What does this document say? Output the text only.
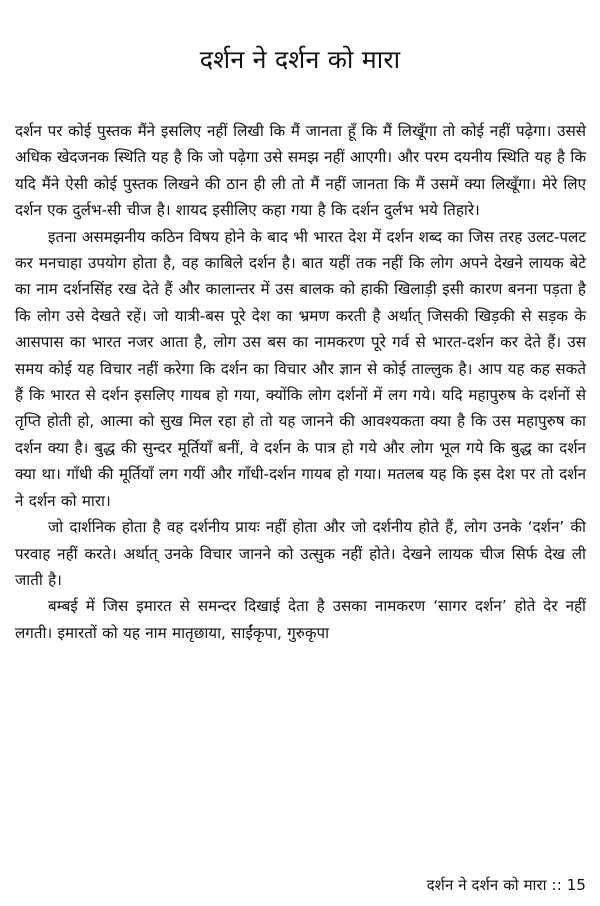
दर्शन ने दर्शन को मारा

दर्शन पर कोई पुस्तक मैंने इसलिए नहीं लिखी कि मैं जानता हूँ कि मैं लिखूँगा तो कोई नहीं पढ़ेगा। उससे अधिक खेदजनक स्थिति यह है कि जो पढ़ेगा उसे समझ नहीं आएगी। और परम दयनीय स्थिति यह है कि यदि मैंने ऐसी कोई पुस्तक लिखने की ठान ही ली तो मैं नहीं जानता कि मैं उसमें क्या लिखूँगा। मेरे लिए दर्शन एक दुर्लभ-सी चीज है। शायद इसीलिए कहा गया है कि दर्शन दुर्लभ भये तिहारे।

इतना असमझनीय कठिन विषय होने के बाद भी भारत देश में दर्शन शब्द का जिस तरह उलट-पलट कर मनचाहा उपयोग होता है, वह काबिले दर्शन है। बात यहीं तक नहीं कि लोग अपने देखने लायक बेटे का नाम दर्शनसिंह रख देते हैं और कालान्तर में उस बालक को हाकी खिलाड़ी इसी कारण बनना पड़ता है कि लोग उसे देखते रहें। जो यात्री-बस पूरे देश का भ्रमण करती है अर्थात् जिसकी खिड़की से सड़क के आसपास का भारत नजर आता है, लोग उस बस का नामकरण पूरे गर्व से भारत-दर्शन कर देते हैं। उस समय कोई यह विचार नहीं करेगा कि दर्शन का विचार और ज्ञान से कोई ताल्लुक है। आप यह कह सकते हैं कि भारत से दर्शन इसलिए गायब हो गया, क्योंकि लोग दर्शनों में लग गये। यदि महापुरुष के दर्शनों से तृप्ति होती हो, आत्मा को सुख मिल रहा हो तो यह जानने की आवश्यकता क्या है कि उस महापुरुष का दर्शन क्या है। बुद्ध की सुन्दर मूर्तियाँ बनीं, वे दर्शन के पात्र हो गये और लोग भूल गये कि बुद्ध का दर्शन क्या था। गाँधी की मूर्तियाँ लग गयीं और गाँधी-दर्शन गायब हो गया। मतलब यह कि इस देश पर तो दर्शन ने दर्शन को मारा।

जो दार्शनिक होता है वह दर्शनीय प्रायः नहीं होता और जो दर्शनीय होते हैं, लोग उनके ‘दर्शन’ की परवाह नहीं करते। अर्थात् उनके विचार जानने को उत्सुक नहीं होते। देखने लायक चीज सिर्फ देख ली जाती है।

बम्बई में जिस इमारत से समन्दर दिखाई देता है उसका नामकरण ‘सागर दर्शन’ होते देर नहीं लगती। इमारतों को यह नाम मातृछाया, साईंकृपा, गुरुकृपा

दर्शन ने दर्शन को मारा :: 15
